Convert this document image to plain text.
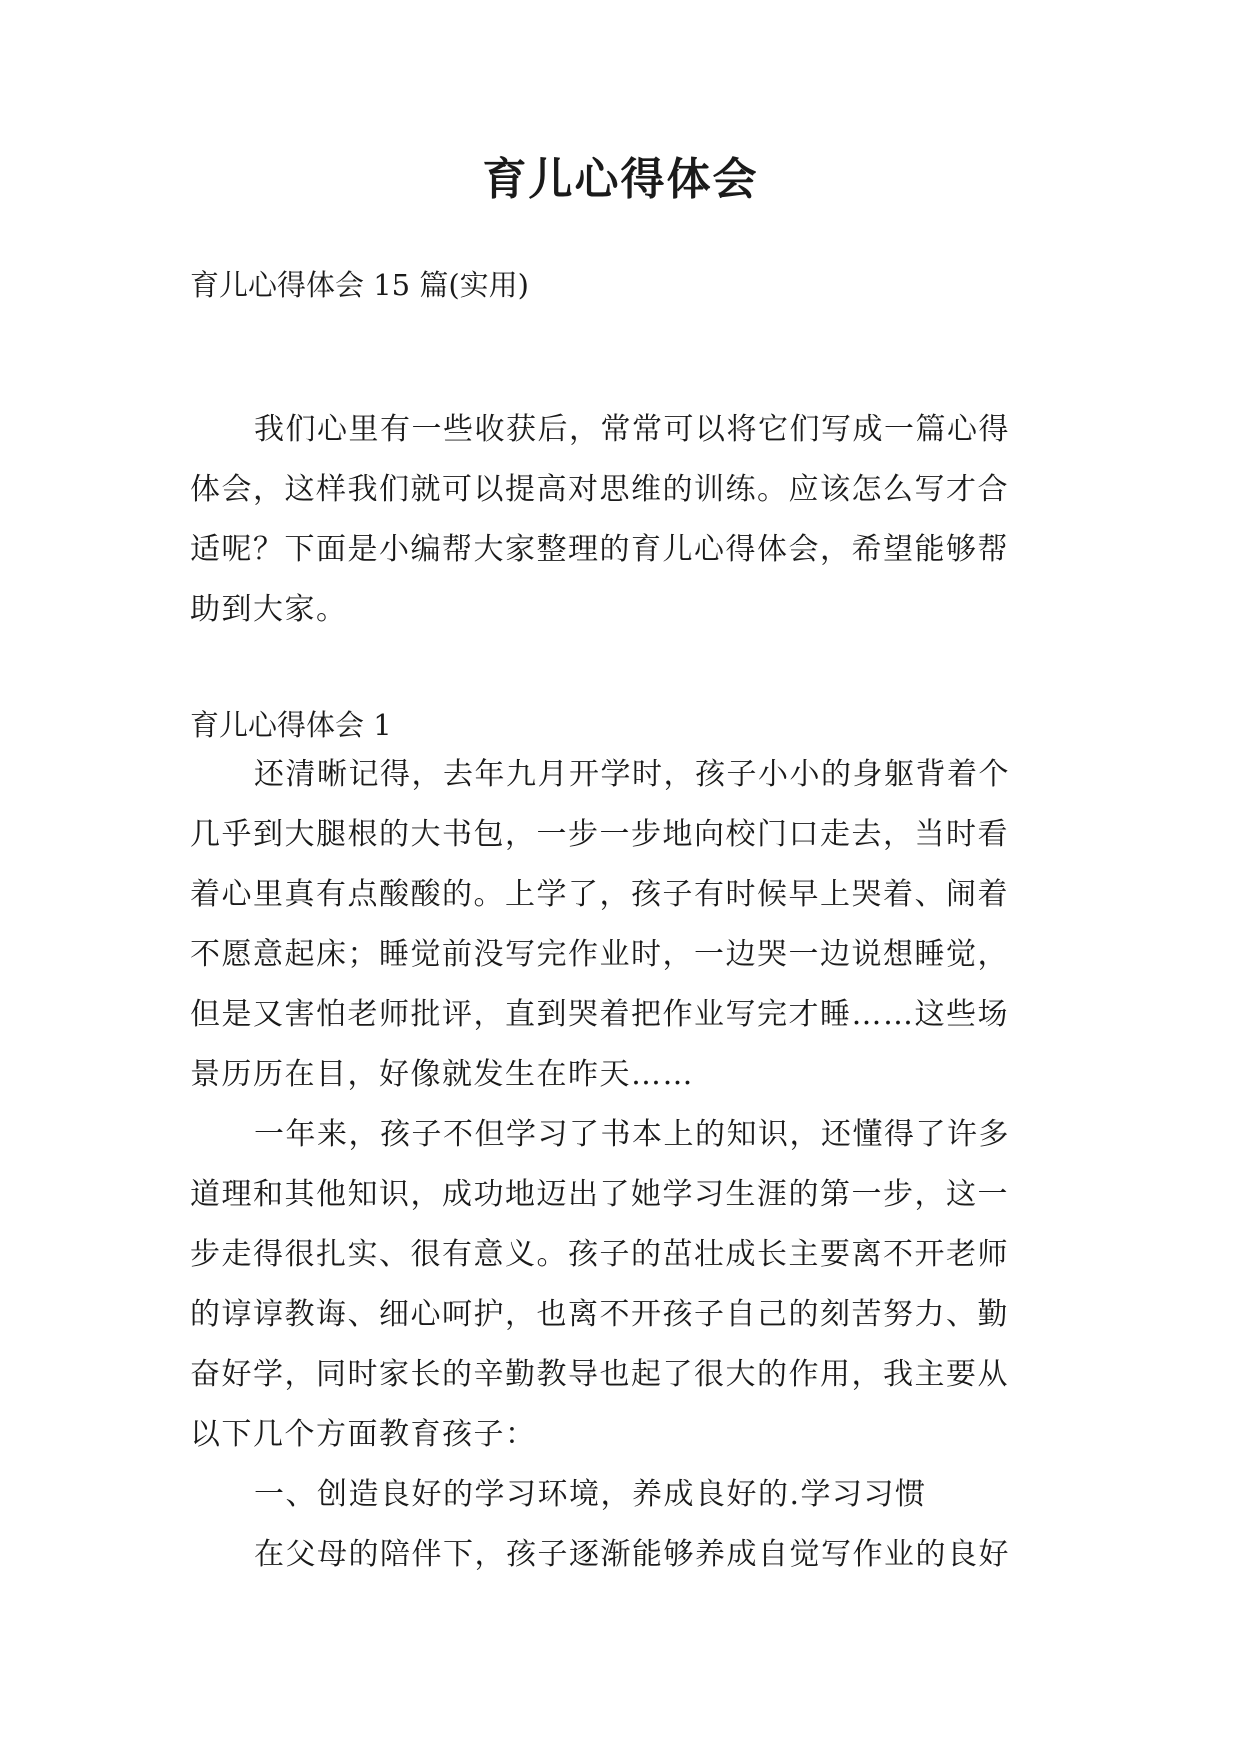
育儿心得体会

育儿心得体会 15 篇(实用)

我们心里有一些收获后，常常可以将它们写成一篇心得
体会，这样我们就可以提高对思维的训练。应该怎么写才合
适呢？下面是小编帮大家整理的育儿心得体会，希望能够帮
助到大家。

育儿心得体会 1

还清晰记得，去年九月开学时，孩子小小的身躯背着个
几乎到大腿根的大书包，一步一步地向校门口走去，当时看
着心里真有点酸酸的。上学了，孩子有时候早上哭着、闹着
不愿意起床；睡觉前没写完作业时，一边哭一边说想睡觉，
但是又害怕老师批评，直到哭着把作业写完才睡……这些场
景历历在目，好像就发生在昨天……
一年来，孩子不但学习了书本上的知识，还懂得了许多
道理和其他知识，成功地迈出了她学习生涯的第一步，这一
步走得很扎实、很有意义。孩子的茁壮成长主要离不开老师
的谆谆教诲、细心呵护，也离不开孩子自己的刻苦努力、勤
奋好学，同时家长的辛勤教导也起了很大的作用，我主要从
以下几个方面教育孩子：
一、创造良好的学习环境，养成良好的.学习习惯
在父母的陪伴下，孩子逐渐能够养成自觉写作业的良好
